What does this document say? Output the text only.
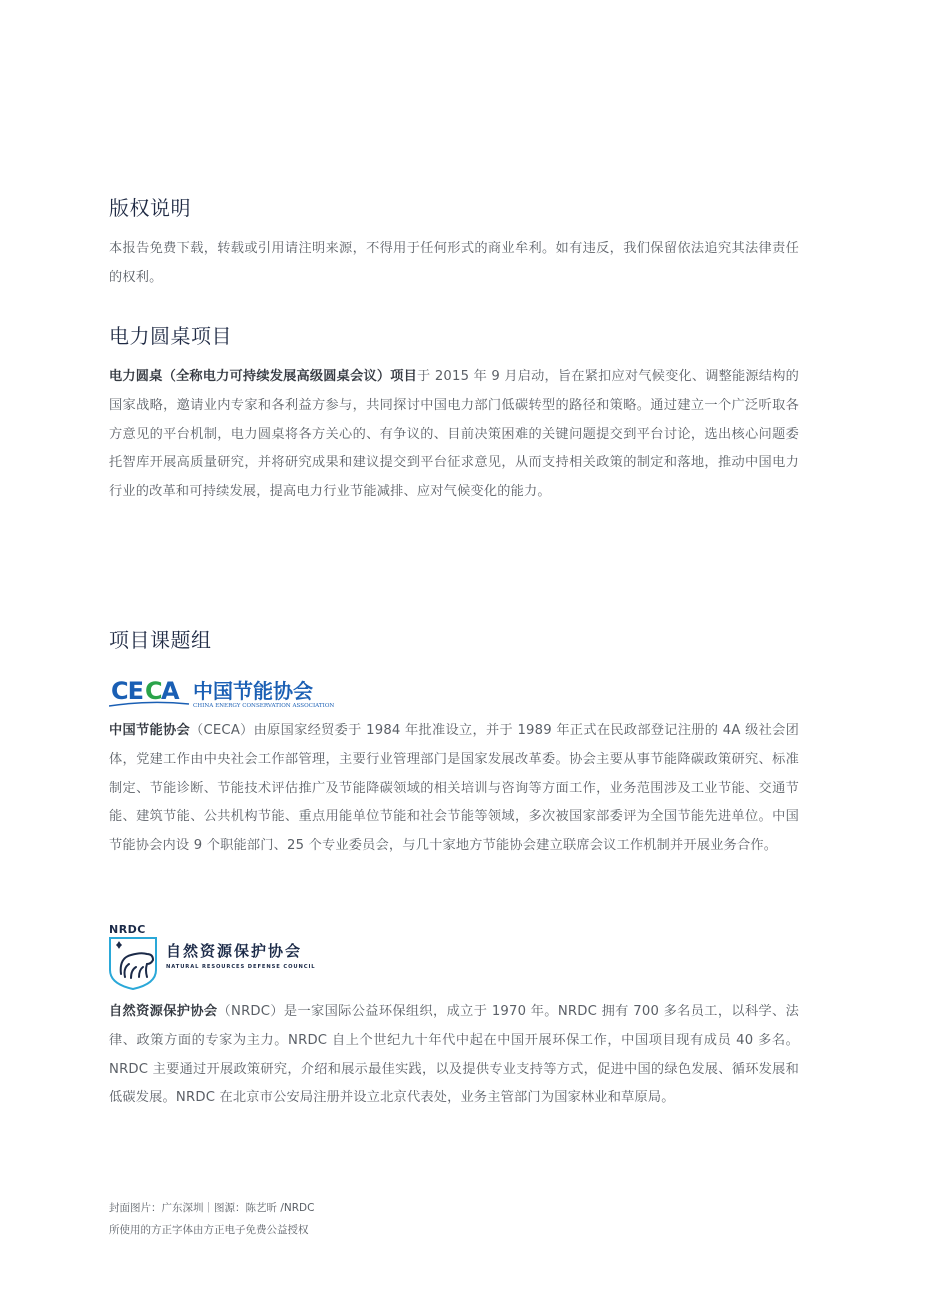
版权说明

本报告免费下载，转载或引用请注明来源，不得用于任何形式的商业牟利。如有违反，我们保留依法追究其法律责任的权利。

电力圆桌项目

电力圆桌（全称电力可持续发展高级圆桌会议）项目于 2015 年 9 月启动，旨在紧扣应对气候变化、调整能源结构的国家战略，邀请业内专家和各利益方参与，共同探讨中国电力部门低碳转型的路径和策略。通过建立一个广泛听取各方意见的平台机制，电力圆桌将各方关心的、有争议的、目前决策困难的关键问题提交到平台讨论，选出核心问题委托智库开展高质量研究，并将研究成果和建议提交到平台征求意见，从而支持相关政策的制定和落地，推动中国电力行业的改革和可持续发展，提高电力行业节能减排、应对气候变化的能力。

项目课题组
CE C A 中国节能协会
CHINA ENERGY CONSERVATION ASSOCIATION

中国节能协会（CECA）由原国家经贸委于 1984 年批准设立，并于 1989 年正式在民政部登记注册的 4A 级社会团体，党建工作由中央社会工作部管理，主要行业管理部门是国家发展改革委。协会主要从事节能降碳政策研究、标准制定、节能诊断、节能技术评估推广及节能降碳领域的相关培训与咨询等方面工作，业务范围涉及工业节能、交通节能、建筑节能、公共机构节能、重点用能单位节能和社会节能等领域，多次被国家部委评为全国节能先进单位。中国节能协会内设 9 个职能部门、25 个专业委员会，与几十家地方节能协会建立联席会议工作机制并开展业务合作。

NRDC
自然资源保护协会
NATURAL RESOURCES DEFENSE COUNCIL

自然资源保护协会（NRDC）是一家国际公益环保组织，成立于 1970 年。NRDC 拥有 700 多名员工，以科学、法律、政策方面的专家为主力。NRDC 自上个世纪九十年代中起在中国开展环保工作，中国项目现有成员 40 多名。NRDC 主要通过开展政策研究，介绍和展示最佳实践，以及提供专业支持等方式，促进中国的绿色发展、循环发展和低碳发展。NRDC 在北京市公安局注册并设立北京代表处，业务主管部门为国家林业和草原局。

封面图片：广东深圳｜图源：陈艺昕 /NRDC
所使用的方正字体由方正电子免费公益授权
